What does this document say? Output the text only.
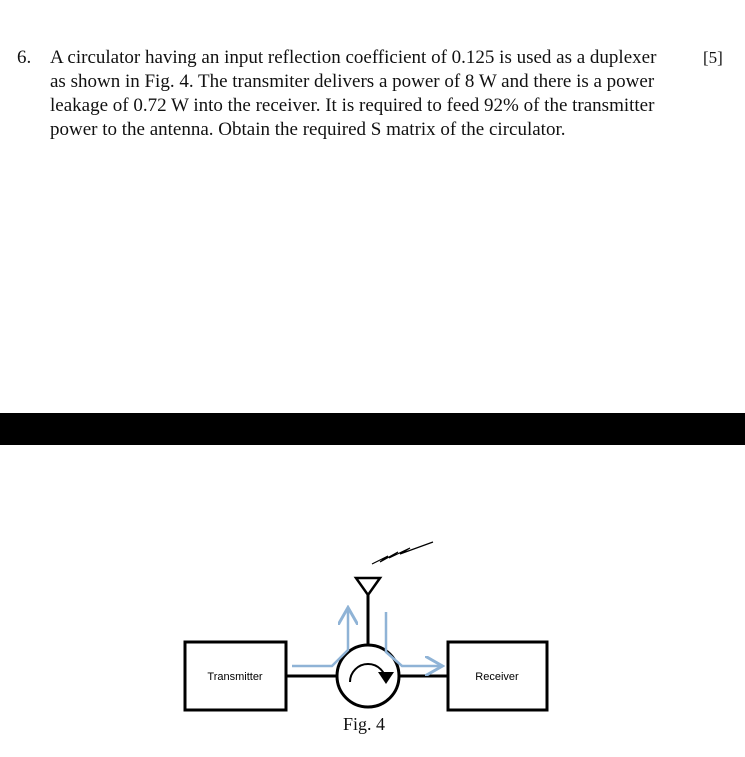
6. A circulator having an input reflection coefficient of 0.125 is used as a duplexer
as shown in Fig. 4. The transmiter delivers a power of 8 W and there is a power
leakage of 0.72 W into the receiver. It is required to feed 92% of the transmitter
power to the antenna. Obtain the required S matrix of the circulator.
[5]
Transmitter	Receiver
Fig. 4
